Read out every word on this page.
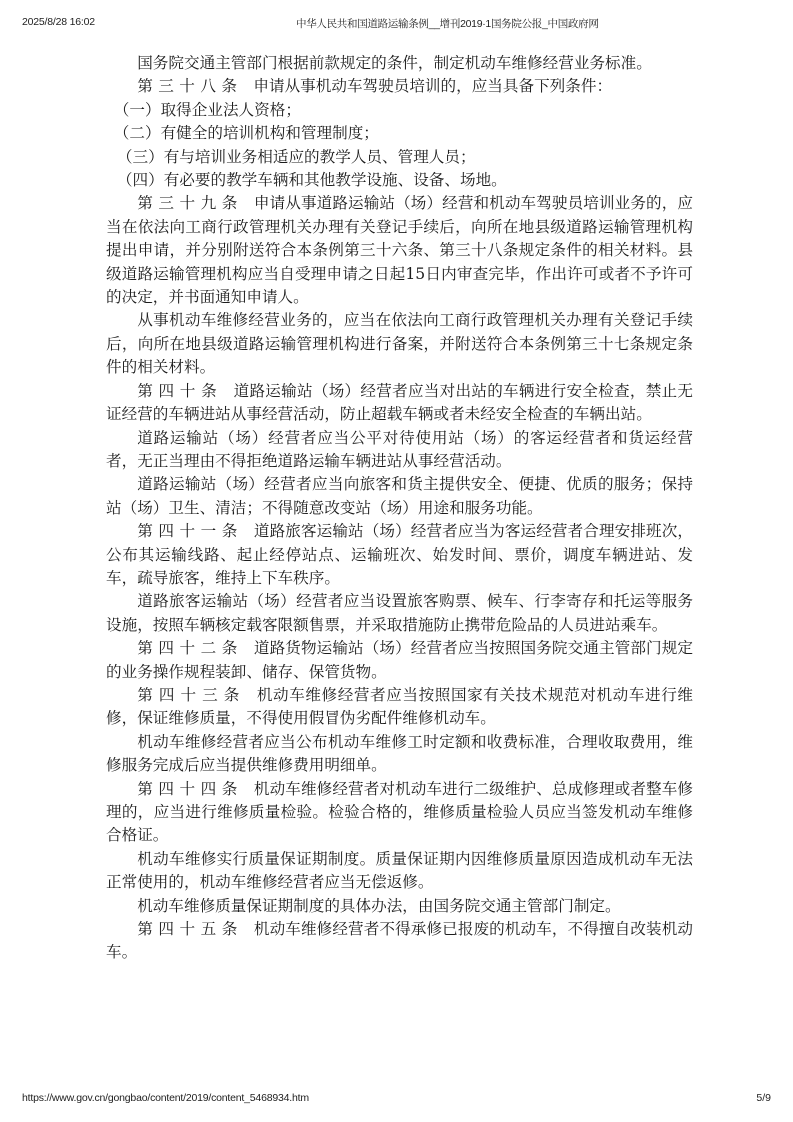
2025/8/28 16:02	中华人民共和国道路运输条例__增刊2019·1国务院公报_中国政府网

国务院交通主管部门根据前款规定的条件，制定机动车维修经营业务标准。

第三十八条 申请从事机动车驾驶员培训的，应当具备下列条件：

（一）取得企业法人资格；

（二）有健全的培训机构和管理制度；

（三）有与培训业务相适应的教学人员、管理人员；

（四）有必要的教学车辆和其他教学设施、设备、场地。

第三十九条 申请从事道路运输站（场）经营和机动车驾驶员培训业务的，应当在依法向工商行政管理机关办理有关登记手续后，向所在地县级道路运输管理机构提出申请，并分别附送符合本条例第三十六条、第三十八条规定条件的相关材料。县级道路运输管理机构应当自受理申请之日起15日内审查完毕，作出许可或者不予许可的决定，并书面通知申请人。

从事机动车维修经营业务的，应当在依法向工商行政管理机关办理有关登记手续后，向所在地县级道路运输管理机构进行备案，并附送符合本条例第三十七条规定条件的相关材料。

第四十条 道路运输站（场）经营者应当对出站的车辆进行安全检查，禁止无证经营的车辆进站从事经营活动，防止超载车辆或者未经安全检查的车辆出站。

道路运输站（场）经营者应当公平对待使用站（场）的客运经营者和货运经营者，无正当理由不得拒绝道路运输车辆进站从事经营活动。

道路运输站（场）经营者应当向旅客和货主提供安全、便捷、优质的服务；保持站（场）卫生、清洁；不得随意改变站（场）用途和服务功能。

第四十一条 道路旅客运输站（场）经营者应当为客运经营者合理安排班次，公布其运输线路、起止经停站点、运输班次、始发时间、票价，调度车辆进站、发车，疏导旅客，维持上下车秩序。

道路旅客运输站（场）经营者应当设置旅客购票、候车、行李寄存和托运等服务设施，按照车辆核定载客限额售票，并采取措施防止携带危险品的人员进站乘车。

第四十二条 道路货物运输站（场）经营者应当按照国务院交通主管部门规定的业务操作规程装卸、储存、保管货物。

第四十三条 机动车维修经营者应当按照国家有关技术规范对机动车进行维修，保证维修质量，不得使用假冒伪劣配件维修机动车。

机动车维修经营者应当公布机动车维修工时定额和收费标准，合理收取费用，维修服务完成后应当提供维修费用明细单。

第四十四条 机动车维修经营者对机动车进行二级维护、总成修理或者整车修理的，应当进行维修质量检验。检验合格的，维修质量检验人员应当签发机动车维修合格证。

机动车维修实行质量保证期制度。质量保证期内因维修质量原因造成机动车无法正常使用的，机动车维修经营者应当无偿返修。

机动车维修质量保证期制度的具体办法，由国务院交通主管部门制定。

第四十五条 机动车维修经营者不得承修已报废的机动车，不得擅自改装机动车。

https://www.gov.cn/gongbao/content/2019/content_5468934.htm	5/9
